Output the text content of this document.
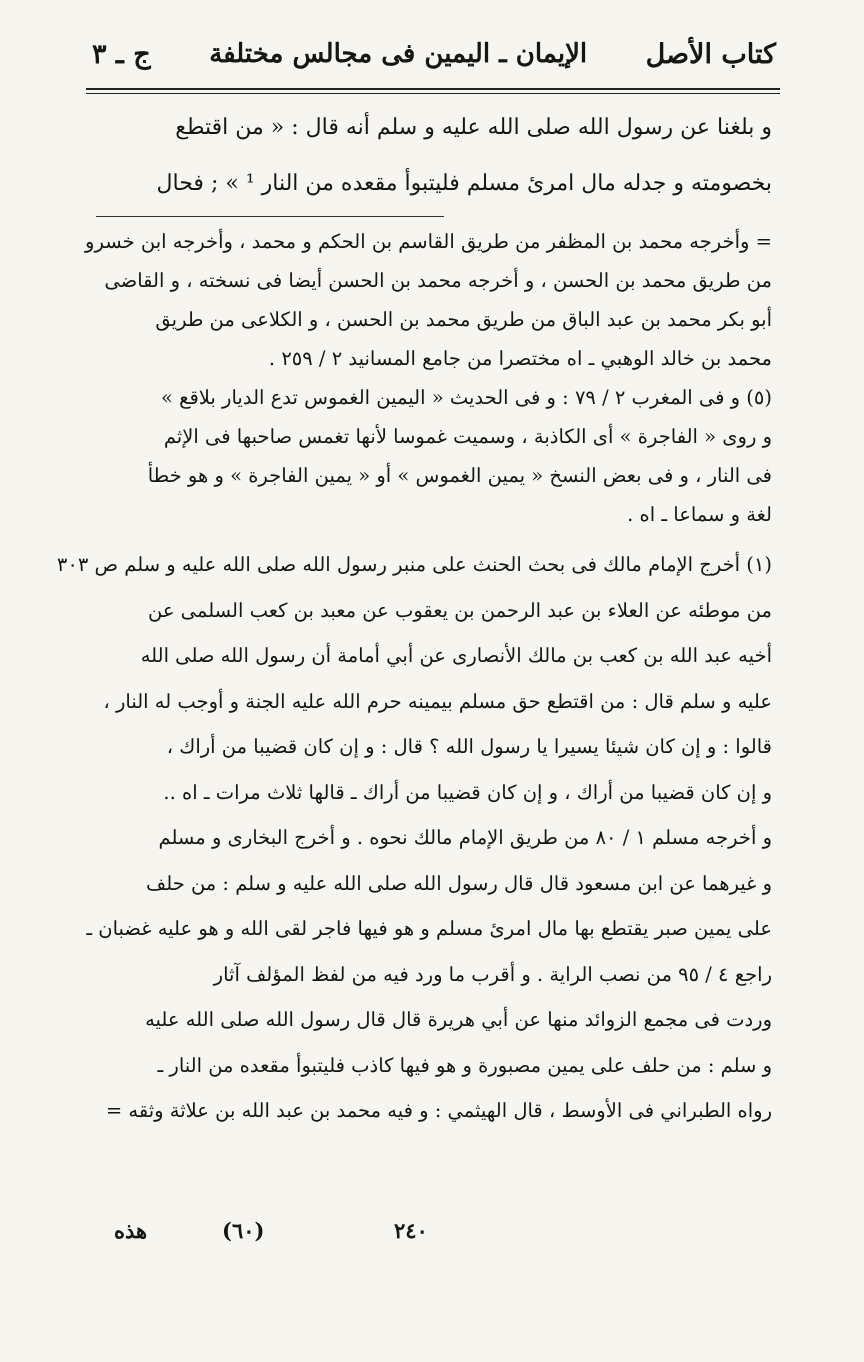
كتاب الأصل
الإيمان ـ اليمين فى مجالس مختلفة
ج ـ ٣
و بلغنا عن رسول الله صلى الله عليه و سلم أنه قال : « من اقتطع
بخصومته و جدله مال امرئ مسلم فليتبوأ مقعده من النار ¹ » ; فحال
= وأخرجه محمد بن المظفر من طريق القاسم بن الحكم و محمد ، وأخرجه ابن خسرو
من طريق محمد بن الحسن ، و أخرجه محمد بن الحسن أيضا فى نسخته ، و القاضى
أبو بكر محمد بن عبد الباق من طريق محمد بن الحسن ، و الكلاعى من طريق
محمد بن خالد الوهبي ـ اه مختصرا من جامع المسانيد ٢ / ٢٥٩ .
(٥) و فى المغرب ٢ / ٧٩ : و فى الحديث « اليمين الغموس تدع الديار بلاقع »
و روى « الفاجرة » أى الكاذبة ، وسميت غموسا لأنها تغمس صاحبها فى الإثم
فى النار ، و فى بعض النسخ « يمين الغموس » أو « يمين الفاجرة » و هو خطأ
لغة و سماعا ـ اه .
(١) أخرج الإمام مالك فى بحث الحنث على منبر رسول الله صلى الله عليه و سلم ص ٣٠٣
من موطئه عن العلاء بن عبد الرحمن بن يعقوب عن معبد بن كعب السلمى عن
أخيه عبد الله بن كعب بن مالك الأنصارى عن أبي أمامة أن رسول الله صلى الله
عليه و سلم قال : من اقتطع حق مسلم بيمينه حرم الله عليه الجنة و أوجب له النار ،
قالوا : و إن كان شيئا يسيرا يا رسول الله ؟ قال : و إن كان قضيبا من أراك ،
و إن كان قضيبا من أراك ، و إن كان قضيبا من أراك ـ قالها ثلاث مرات ـ اه ..
و أخرجه مسلم ١ / ٨٠ من طريق الإمام مالك نحوه . و أخرج البخارى و مسلم
و غيرهما عن ابن مسعود قال قال رسول الله صلى الله عليه و سلم : من حلف
على يمين صبر يقتطع بها مال امرئ مسلم و هو فيها فاجر لقى الله و هو عليه غضبان ـ
راجع ٤ / ٩٥ من نصب الراية . و أقرب ما ورد فيه من لفظ المؤلف آثار
وردت فى مجمع الزوائد منها عن أبي هريرة قال قال رسول الله صلى الله عليه
و سلم : من حلف على يمين مصبورة و هو فيها كاذب فليتبوأ مقعده من النار ـ
رواه الطبراني فى الأوسط ، قال الهيثمي : و فيه محمد بن عبد الله بن علاثة وثقه =
هذه	(٦٠)	٢٤٠
